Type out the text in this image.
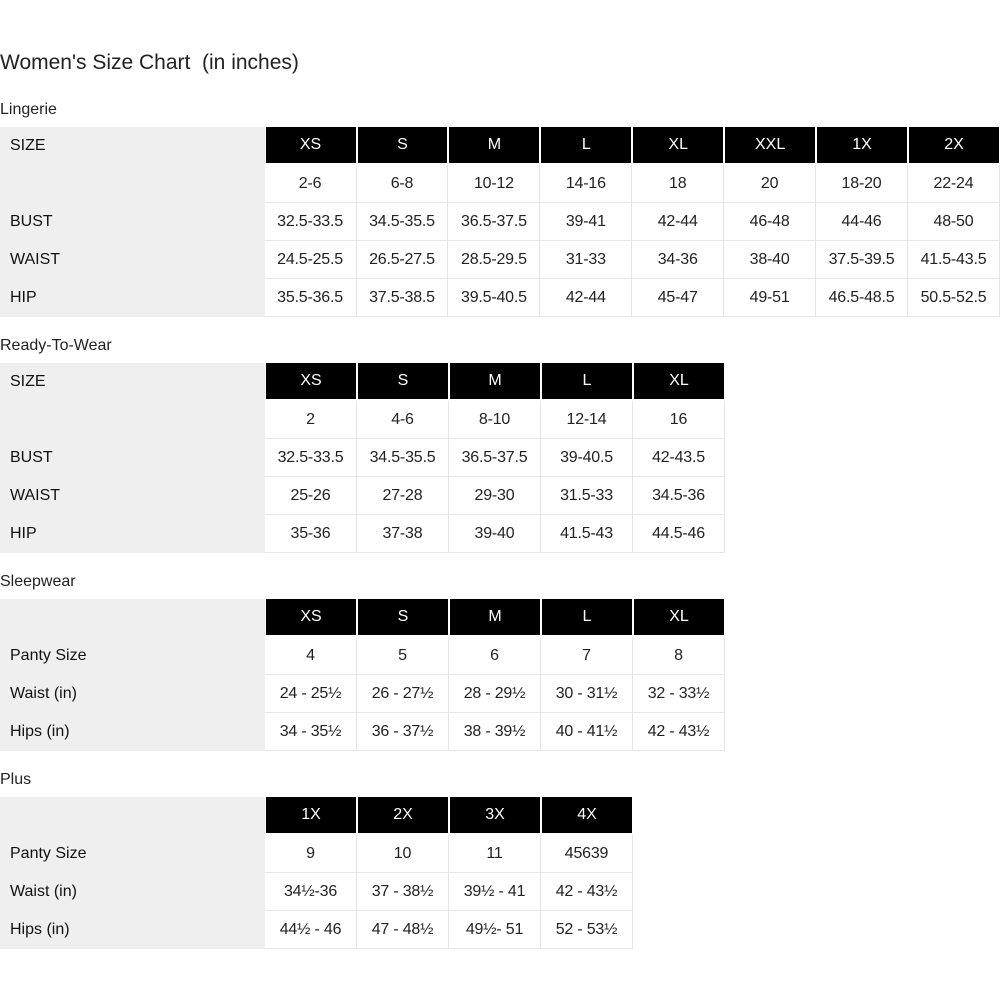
Women's Size Chart  (in inches)
Lingerie
SIZE	XS	S	M	L	XL	XXL	1X	2X
	2-6	6-8	10-12	14-16	18	20	18-20	22-24
BUST	32.5-33.5	34.5-35.5	36.5-37.5	39-41	42-44	46-48	44-46	48-50
WAIST	24.5-25.5	26.5-27.5	28.5-29.5	31-33	34-36	38-40	37.5-39.5	41.5-43.5
HIP	35.5-36.5	37.5-38.5	39.5-40.5	42-44	45-47	49-51	46.5-48.5	50.5-52.5
Ready-To-Wear
SIZE	XS	S	M	L	XL
	2	4-6	8-10	12-14	16
BUST	32.5-33.5	34.5-35.5	36.5-37.5	39-40.5	42-43.5
WAIST	25-26	27-28	29-30	31.5-33	34.5-36
HIP	35-36	37-38	39-40	41.5-43	44.5-46
Sleepwear
	XS	S	M	L	XL
Panty Size	4	5	6	7	8
Waist (in)	24 - 25½	26 - 27½	28 - 29½	30 - 31½	32 - 33½
Hips (in)	34 - 35½	36 - 37½	38 - 39½	40 - 41½	42 - 43½
Plus
	1X	2X	3X	4X
Panty Size	9	10	11	45639
Waist (in)	34½-36	37 - 38½	39½ - 41	42 - 43½
Hips (in)	44½ - 46	47 - 48½	49½- 51	52 - 53½
